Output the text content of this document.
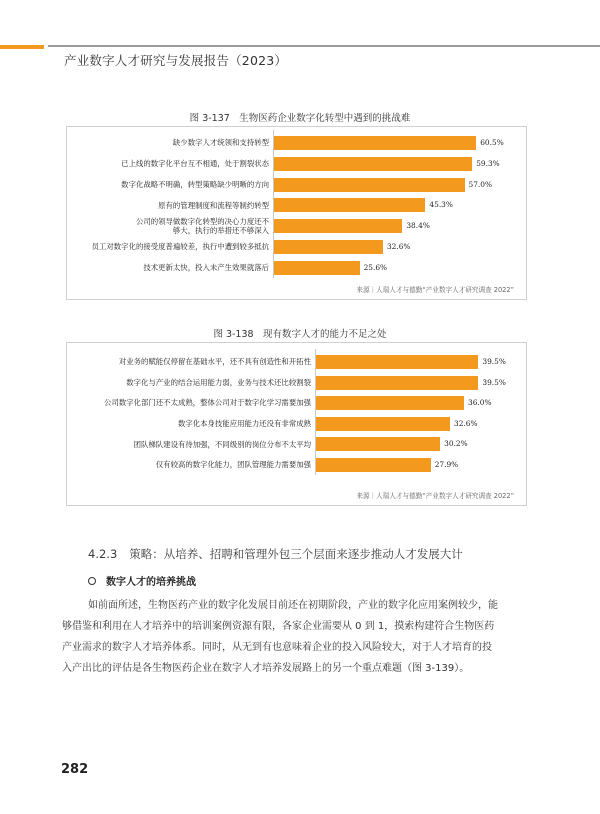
产业数字人才研究与发展报告（2023）
图 3-137　生物医药企业数字化转型中遇到的挑战难
来源｜人瑞人才与德勤“产业数字人才研究调查 2022”
缺少数字人才统领和支持转型	60.5%
已上线的数字化平台互不相通，处于割裂状态	59.3%
数字化战略不明确，转型策略缺少明晰的方向	57.0%
原有的管理制度和流程等制约转型	45.3%
公司的领导做数字化转型的决心力度还不
够大，执行的举措还不够深入
38.4%
员工对数字化的接受度普遍较差，执行中遭到较多抵抗	32.6%
技术更新太快，投入未产生效果就落后	25.6%
图 3-138　现有数字人才的能力不足之处
来源｜人瑞人才与德勤“产业数字人才研究调查 2022”
对业务的赋能仅停留在基础水平，还不具有创造性和开拓性	39.5%
数字化与产业的结合运用能力弱，业务与技术还比较割裂	39.5%
公司数字化部门还不太成熟，整体公司对于数字化学习需要加强	36.0%
数字化本身技能应用能力还没有非常成熟	32.6%
团队梯队建设有待加强，不同级别的岗位分布不太平均	30.2%
仅有较高的数字化能力，团队管理能力需要加强	27.9%
4.2.3 策略：从培养、招聘和管理外包三个层面来逐步推动人才发展大计
数字人才的培养挑战
如前面所述，生物医药产业的数字化发展目前还在初期阶段，产业的数字化应用案例较少，能
够借鉴和利用在人才培养中的培训案例资源有限，各家企业需要从 0 到 1，摸索构建符合生物医药
产业需求的数字人才培养体系。同时，从无到有也意味着企业的投入风险较大，对于人才培育的投
入产出比的评估是各生物医药企业在数字人才培养发展路上的另一个重点难题（图 3-139）。
282
